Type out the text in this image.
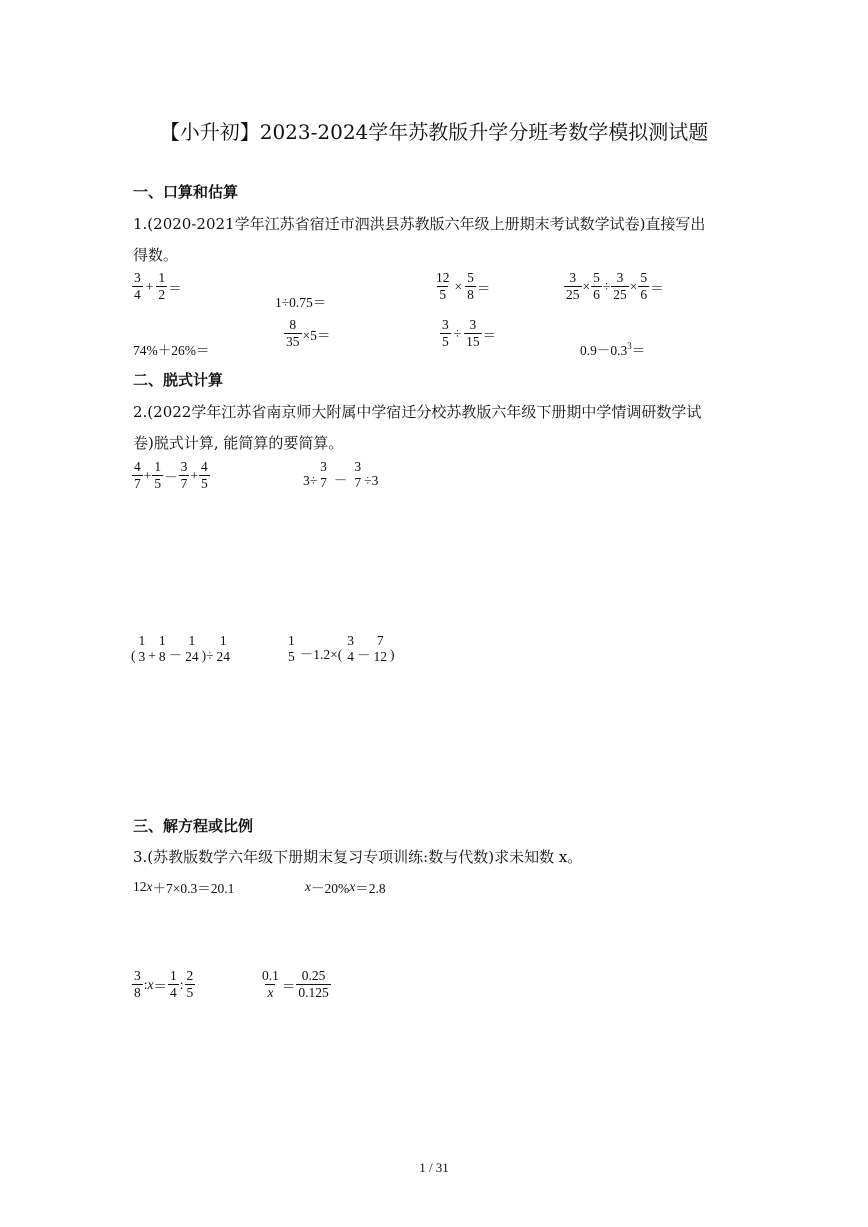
【小升初】2023-2024学年苏教版升学分班考数学模拟测试题
一、口算和估算
1.(2020-2021学年江苏省宿迁市泗洪县苏教版六年级上册期末考试数学试卷)直接写出
得数。
$\frac{3}{4} + \frac{1}{2}$ ＝
1÷0.75＝
$\frac{12}{5} \times \frac{5}{8}$ ＝	$\frac{3}{25} \times \frac{5}{6} \div \frac{3}{25} \times \frac{5}{6}$ ＝
74%＋26%＝
$\frac{8}{35} \times 5=$	$\frac{3}{5} \div \frac{3}{15}$ ＝
$0.9-0.3^3$ ＝
二、脱式计算
2.(2022学年江苏省南京师大附属中学宿迁分校苏教版六年级下册期中学情调研数学试
卷)脱式计算, 能简算的要简算。
$\frac{4}{7} + \frac{1}{5} - \frac{3}{7} + \frac{4}{5}$	3÷
3
7 －
3
7 ÷3
(
1
3 +
1
8 －
1
24 )÷
1
24
1
5 －1.2×(
3
4 －
7
12 )
三、解方程或比例
3.(苏教版数学六年级下册期末复习专项训练:数与代数)求未知数 x。
12 x ＋7×0.3＝20.1	x －20% x ＝2.8
$\frac{3}{8}$ : $x = \frac{1}{4}$ : $\frac{2}{5}$	$\frac{0.1}{x} = \frac{0.25}{0.125}$
1 / 31
